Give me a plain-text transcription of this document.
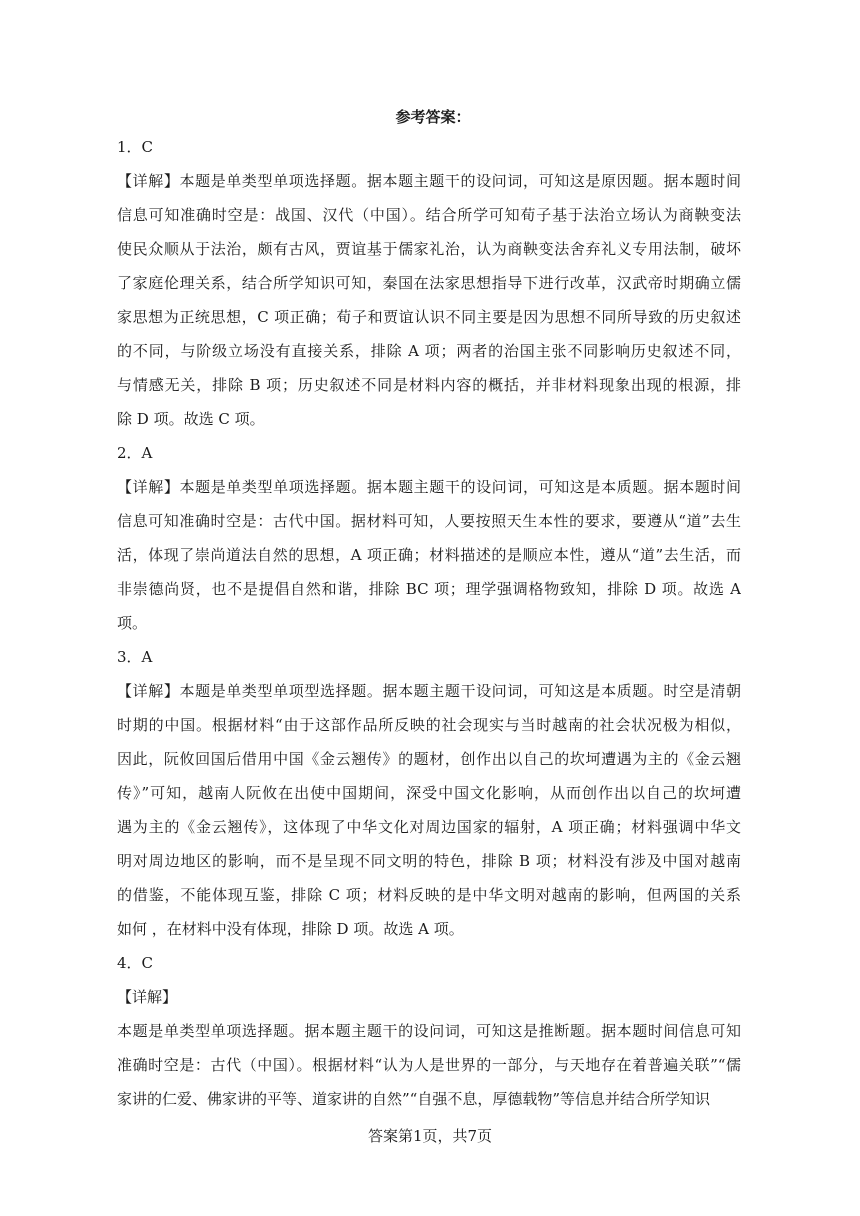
参考答案：
1．C
【详解】本题是单类型单项选择题。据本题主题干的设问词，可知这是原因题。据本题时间
信息可知准确时空是：战国、汉代（中国）。结合所学可知荀子基于法治立场认为商鞅变法
使民众顺从于法治，颇有古风，贾谊基于儒家礼治，认为商鞅变法舍弃礼义专用法制，破坏
了家庭伦理关系，结合所学知识可知，秦国在法家思想指导下进行改革，汉武帝时期确立儒
家思想为正统思想，C 项正确；荀子和贾谊认识不同主要是因为思想不同所导致的历史叙述
的不同，与阶级立场没有直接关系，排除 A 项；两者的治国主张不同影响历史叙述不同，
与情感无关，排除 B 项；历史叙述不同是材料内容的概括，并非材料现象出现的根源，排
除 D 项。故选 C 项。
2．A
【详解】本题是单类型单项选择题。据本题主题干的设问词，可知这是本质题。据本题时间
信息可知准确时空是：古代中国。据材料可知，人要按照天生本性的要求，要遵从“道”去生
活，体现了崇尚道法自然的思想，A 项正确；材料描述的是顺应本性，遵从“道”去生活，而
非崇德尚贤，也不是提倡自然和谐，排除 BC 项；理学强调格物致知，排除 D 项。故选 A
项。
3．A
【详解】本题是单类型单项型选择题。据本题主题干设问词，可知这是本质题。时空是清朝
时期的中国。根据材料“由于这部作品所反映的社会现实与当时越南的社会状况极为相似，
因此，阮攸回国后借用中国《金云翘传》的题材，创作出以自己的坎坷遭遇为主的《金云翘
传》”可知，越南人阮攸在出使中国期间，深受中国文化影响，从而创作出以自己的坎坷遭
遇为主的《金云翘传》，这体现了中华文化对周边国家的辐射，A 项正确；材料强调中华文
明对周边地区的影响，而不是呈现不同文明的特色，排除 B 项；材料没有涉及中国对越南
的借鉴，不能体现互鉴，排除 C 项；材料反映的是中华文明对越南的影响，但两国的关系
如何 ，在材料中没有体现，排除 D 项。故选 A 项。
4．C
【详解】
本题是单类型单项选择题。据本题主题干的设问词，可知这是推断题。据本题时间信息可知
准确时空是：古代（中国）。根据材料“认为人是世界的一部分，与天地存在着普遍关联”“儒
家讲的仁爱、佛家讲的平等、道家讲的自然”“自强不息，厚德载物”等信息并结合所学知识
答案第1页，共7页
